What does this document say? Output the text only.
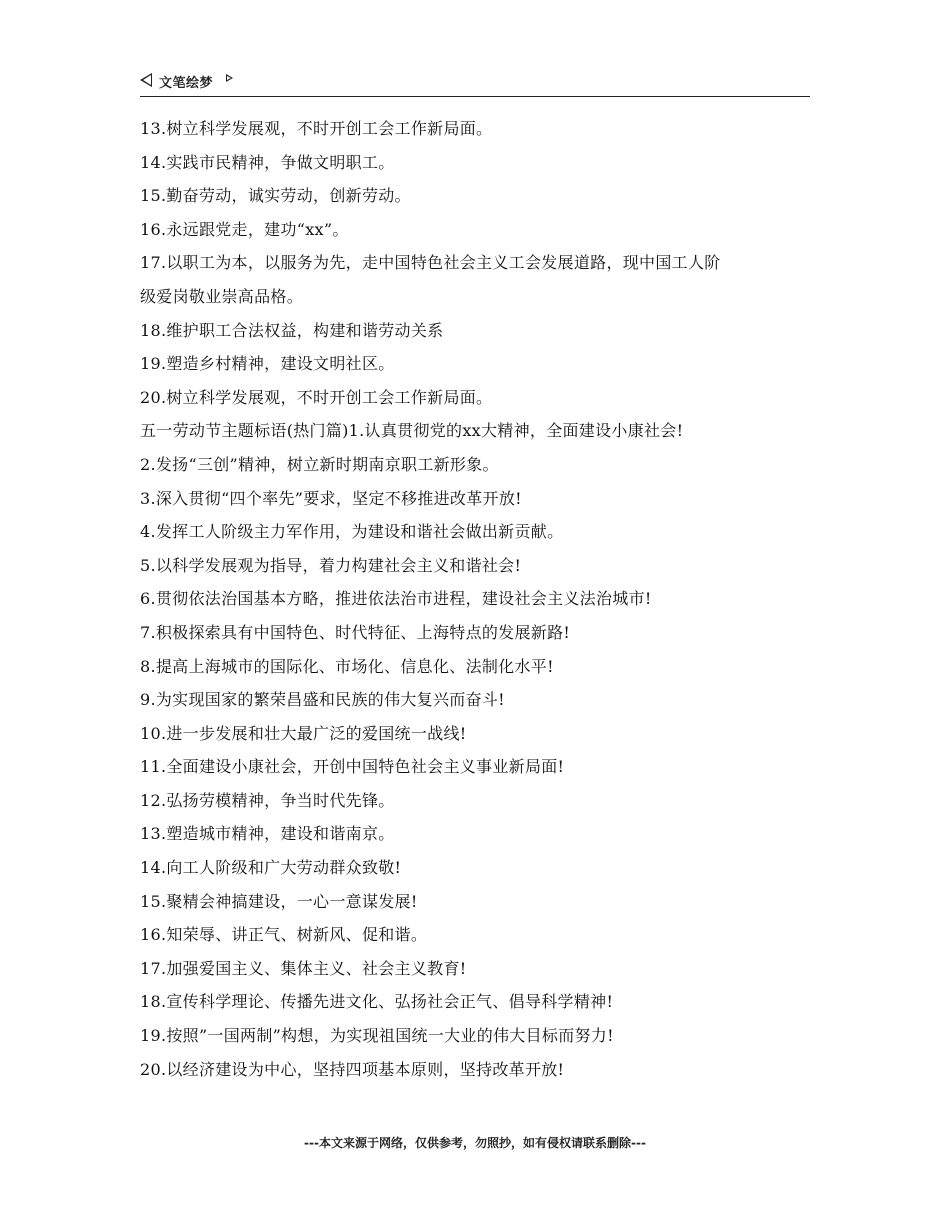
文笔绘梦
13.树立科学发展观，不时开创工会工作新局面。
14.实践市民精神，争做文明职工。
15.勤奋劳动，诚实劳动，创新劳动。
16.永远跟党走，建功“xx”。
17.以职工为本，以服务为先，走中国特色社会主义工会发展道路，现中国工人阶
级爱岗敬业崇高品格。
18.维护职工合法权益，构建和谐劳动关系
19.塑造乡村精神，建设文明社区。
20.树立科学发展观，不时开创工会工作新局面。
五一劳动节主题标语(热门篇)1.认真贯彻党的xx大精神，全面建设小康社会!
2.发扬“三创”精神，树立新时期南京职工新形象。
3.深入贯彻“四个率先”要求，坚定不移推进改革开放!
4.发挥工人阶级主力军作用，为建设和谐社会做出新贡献。
5.以科学发展观为指导，着力构建社会主义和谐社会!
6.贯彻依法治国基本方略，推进依法治市进程，建设社会主义法治城市!
7.积极探索具有中国特色、时代特征、上海特点的发展新路!
8.提高上海城市的国际化、市场化、信息化、法制化水平!
9.为实现国家的繁荣昌盛和民族的伟大复兴而奋斗!
10.进一步发展和壮大最广泛的爱国统一战线!
11.全面建设小康社会，开创中国特色社会主义事业新局面!
12.弘扬劳模精神，争当时代先锋。
13.塑造城市精神，建设和谐南京。
14.向工人阶级和广大劳动群众致敬!
15.聚精会神搞建设，一心一意谋发展!
16.知荣辱、讲正气、树新风、促和谐。
17.加强爱国主义、集体主义、社会主义教育!
18.宣传科学理论、传播先进文化、弘扬社会正气、倡导科学精神!
19.按照”一国两制”构想，为实现祖国统一大业的伟大目标而努力!
20.以经济建设为中心，坚持四项基本原则，坚持改革开放!
---本文来源于网络，仅供参考，勿照抄，如有侵权请联系删除---
